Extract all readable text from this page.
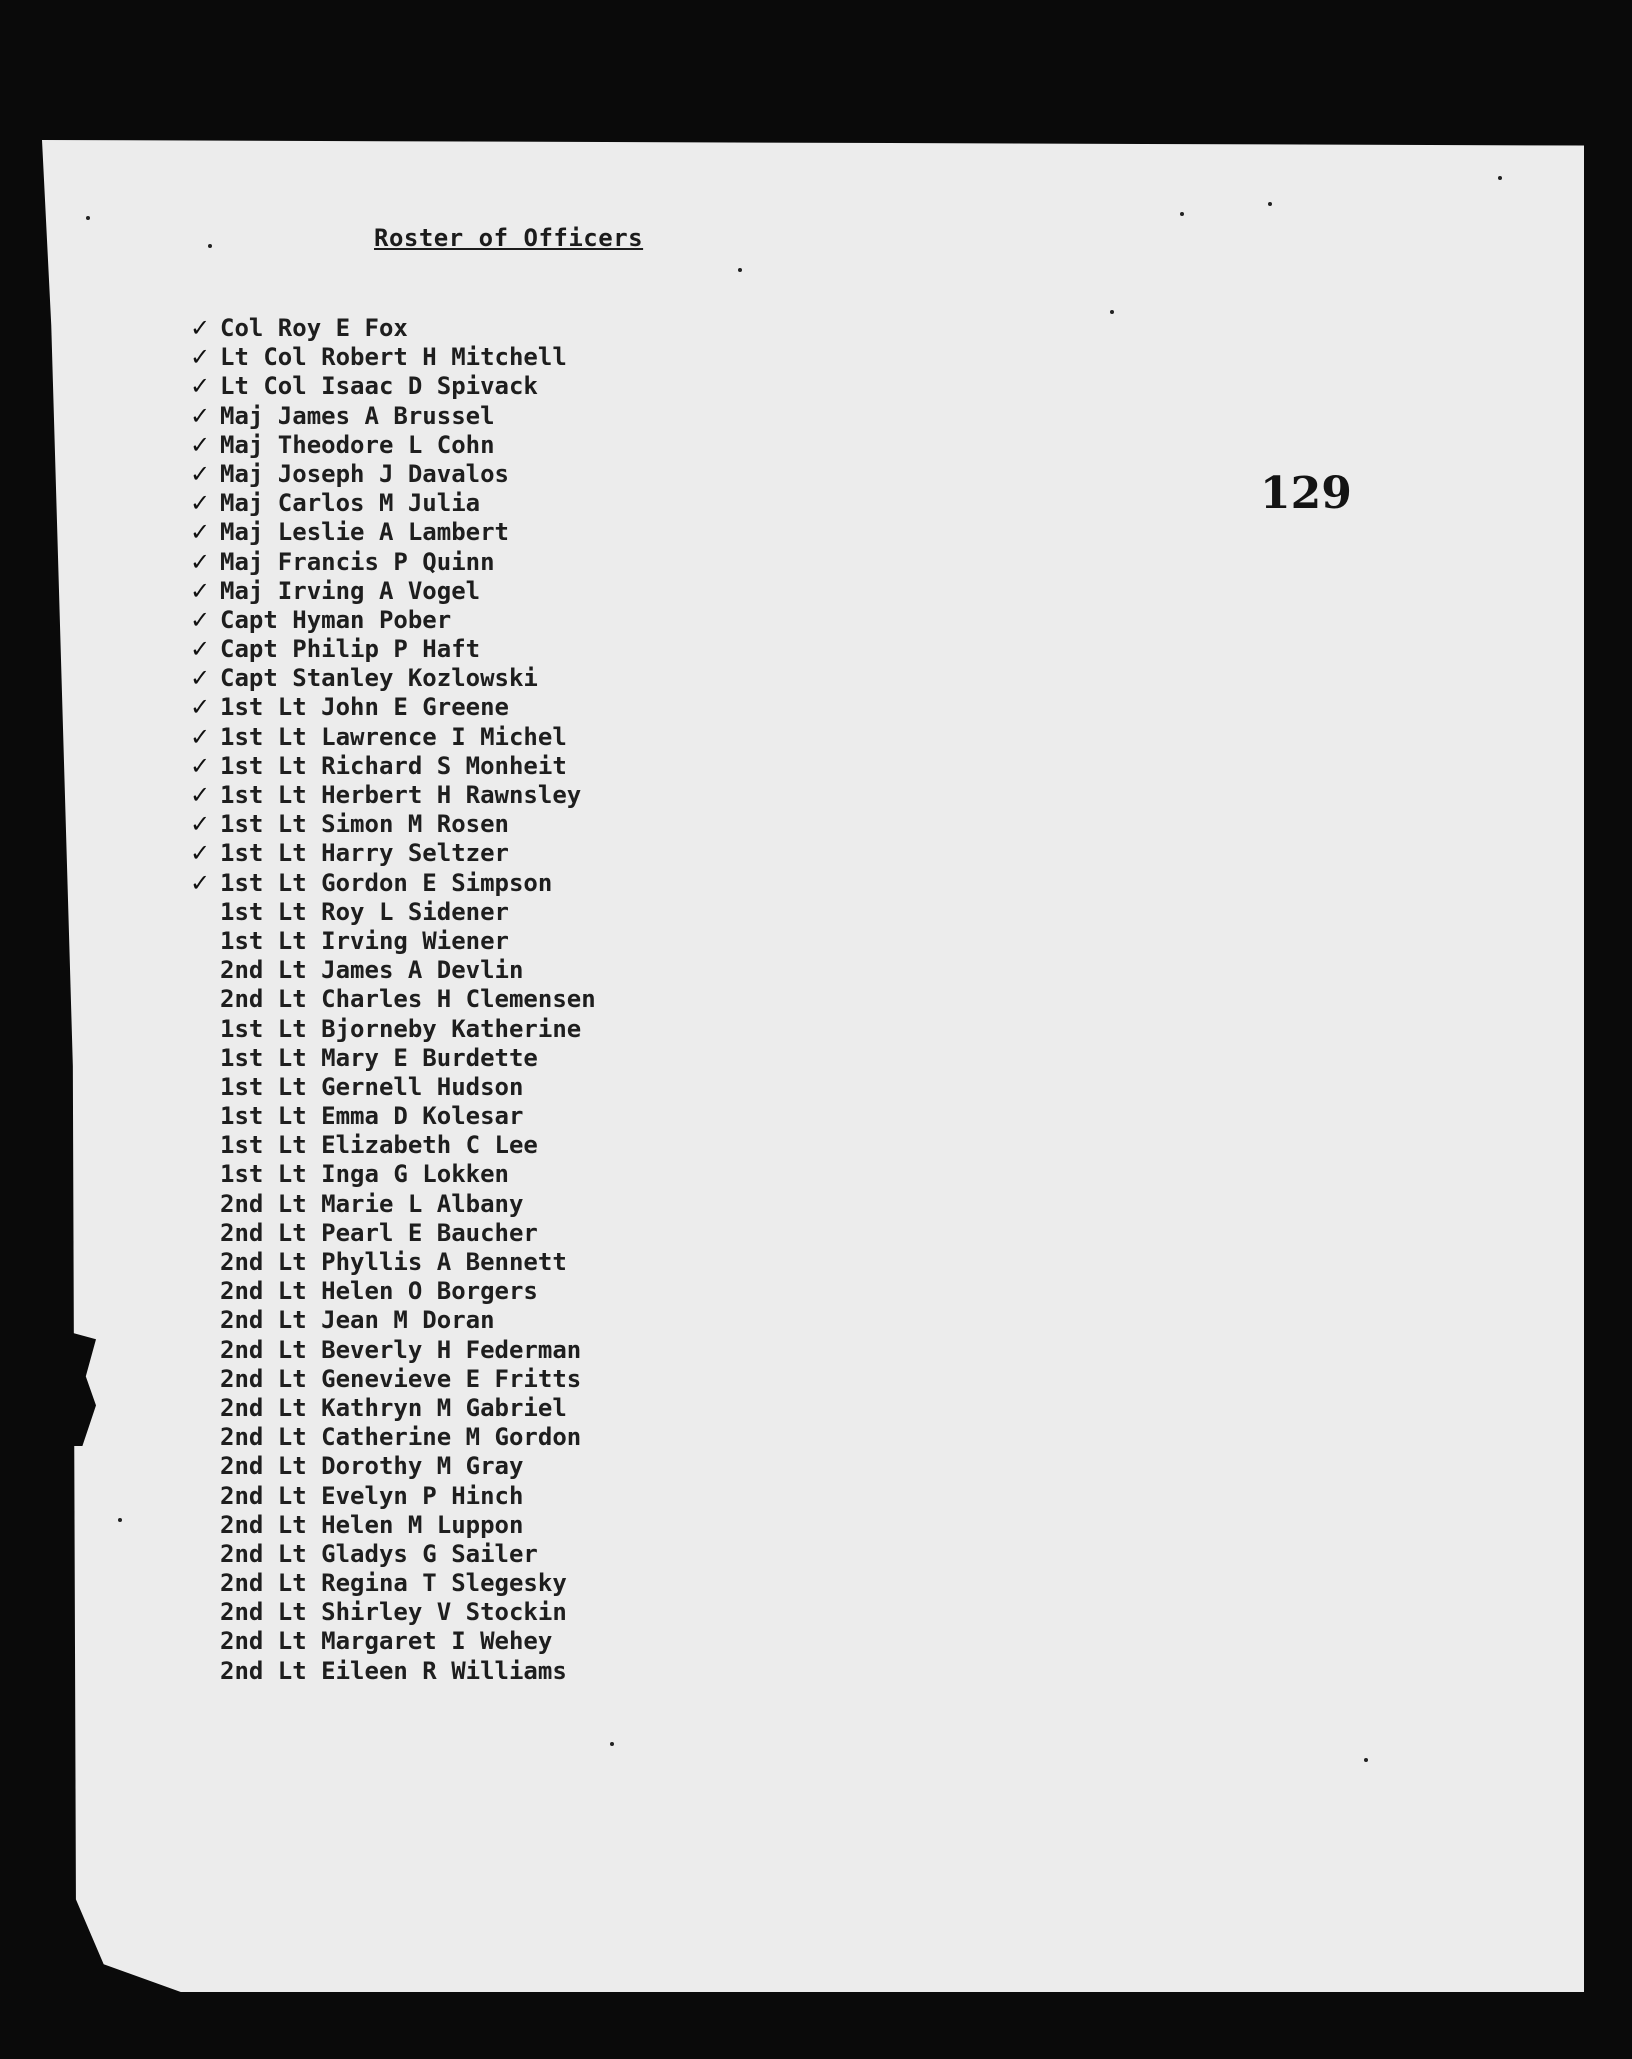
Roster of Officers

129

✓ Col Roy E Fox
✓ Lt Col Robert H Mitchell
✓ Lt Col Isaac D Spivack
✓ Maj James A Brussel
✓ Maj Theodore L Cohn
✓ Maj Joseph J Davalos
✓ Maj Carlos M Julia
✓ Maj Leslie A Lambert
✓ Maj Francis P Quinn
✓ Maj Irving A Vogel
✓ Capt Hyman Pober
✓ Capt Philip P Haft
✓ Capt Stanley Kozlowski
✓ 1st Lt John E Greene
✓ 1st Lt Lawrence I Michel
✓ 1st Lt Richard S Monheit
✓ 1st Lt Herbert H Rawnsley
✓ 1st Lt Simon M Rosen
✓ 1st Lt Harry Seltzer
✓ 1st Lt Gordon E Simpson
1st Lt Roy L Sidener
1st Lt Irving Wiener
2nd Lt James A Devlin
2nd Lt Charles H Clemensen
1st Lt Bjorneby Katherine
1st Lt Mary E Burdette
1st Lt Gernell Hudson
1st Lt Emma D Kolesar
1st Lt Elizabeth C Lee
1st Lt Inga G Lokken
2nd Lt Marie L Albany
2nd Lt Pearl E Baucher
2nd Lt Phyllis A Bennett
2nd Lt Helen O Borgers
2nd Lt Jean M Doran
2nd Lt Beverly H Federman
2nd Lt Genevieve E Fritts
2nd Lt Kathryn M Gabriel
2nd Lt Catherine M Gordon
2nd Lt Dorothy M Gray
2nd Lt Evelyn P Hinch
2nd Lt Helen M Luppon
2nd Lt Gladys G Sailer
2nd Lt Regina T Slegesky
2nd Lt Shirley V Stockin
2nd Lt Margaret I Wehey
2nd Lt Eileen R Williams
